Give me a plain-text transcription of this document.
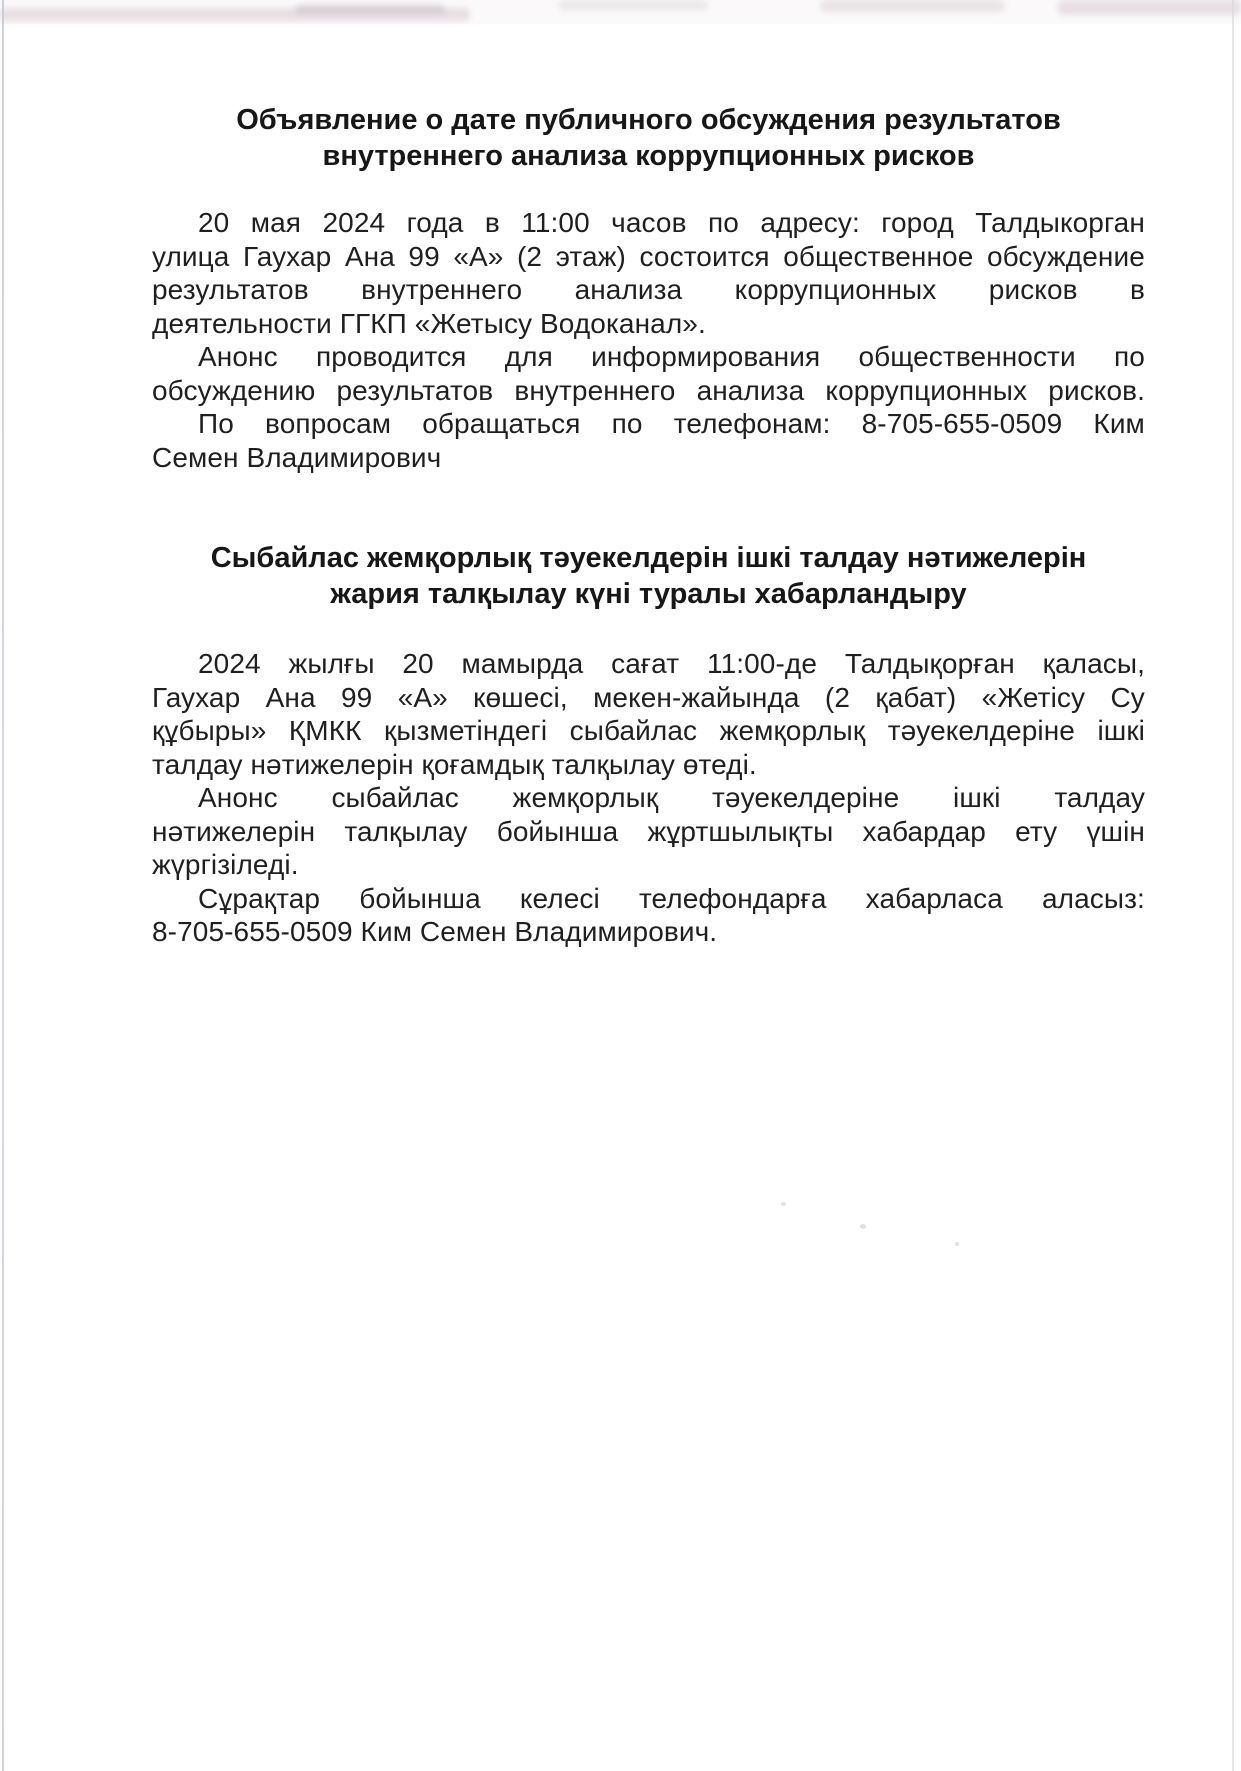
Объявление о дате публичного обсуждения результатов
внутреннего анализа коррупционных рисков
20 мая 2024 года в 11:00 часов по адресу: город Талдыкорган
улица Гаухар Ана 99 «А» (2 этаж) состоится общественное обсуждение
результатов внутреннего анализа коррупционных рисков в
деятельности ГГКП «Жетысу Водоканал».
Анонс проводится для информирования общественности по
обсуждению результатов внутреннего анализа коррупционных рисков.
По вопросам обращаться по телефонам: 8-705-655-0509 Ким
Семен Владимирович
Сыбайлас жемқорлық тәуекелдерін ішкі талдау нәтижелерін
жария талқылау күні туралы хабарландыру
2024 жылғы 20 мамырда сағат 11:00-де Талдықорған қаласы,
Гаухар Ана 99 «А» көшесі, мекен-жайында (2 қабат) «Жетісу Су
құбыры» ҚМКК қызметіндегі сыбайлас жемқорлық тәуекелдеріне ішкі
талдау нәтижелерін қоғамдық талқылау өтеді.
Анонс сыбайлас жемқорлық тәуекелдеріне ішкі талдау
нәтижелерін талқылау бойынша жұртшылықты хабардар ету үшін
жүргізіледі.
Сұрақтар бойынша келесі телефондарға хабарласа аласыз:
8-705-655-0509 Ким Семен Владимирович.
